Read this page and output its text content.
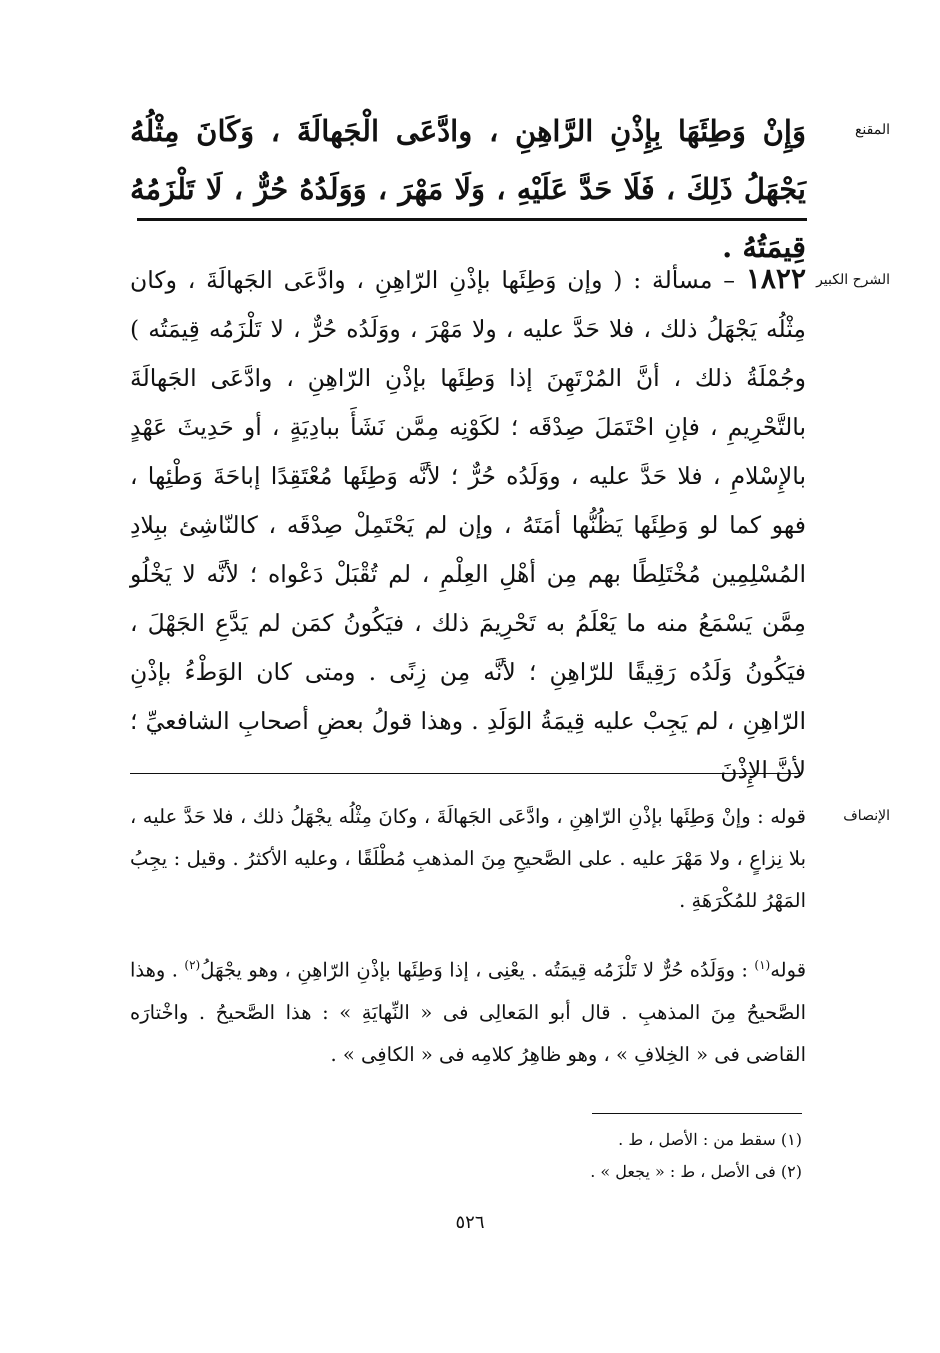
المقنع
وَإِنْ وَطِئَهَا بِإِذْنِ الرَّاهِنِ ، وادَّعَى الْجَهالَةَ ، وَكَانَ مِثْلُهُ يَجْهَلُ ذَلِكَ ، فَلَا حَدَّ عَلَيْهِ ، وَلَا مَهْرَ ، وَوَلَدُهُ حُرٌّ ، لَا تَلْزَمُهُ قِيمَتُهُ .
الشرح الكبير
١٨٢٢ – مسألة : ( وإن وَطِئَها بإذْنِ الرّاهِنِ ، وادَّعَى الجَهالَةَ ، وكان مِثْلُه يَجْهَلُ ذلك ، فلا حَدَّ عليه ، ولا مَهْرَ ، ووَلَدُه حُرٌّ ، لا تَلْزَمُه قِيمَتُه ) وجُمْلَةُ ذلك ، أنَّ المُرْتَهِنَ إذا وَطِئَها بإذْنِ الرّاهِنِ ، وادَّعَى الجَهالَةَ بالتَّحْرِيمِ ، فإنِ احْتَمَلَ صِدْقَه ؛ لكَوْنِه مِمَّن نَشَأَ ببادِيَةٍ ، أو حَدِيثَ عَهْدٍ بالإِسْلامِ ، فلا حَدَّ عليه ، ووَلَدُه حُرٌّ ؛ لأنَّه وَطِئَها مُعْتَقِدًا إباحَةَ وَطْئِها ، فهو كما لو وَطِئَها يَظُنُّها أمَتَهُ ، وإن لم يَحْتَمِلْ صِدْقَه ، كالنّاشِئ ببِلادِ المُسْلِمِين مُخْتَلِطًا بهم مِن أهْلِ العِلْمِ ، لم تُقْبَلْ دَعْواه ؛ لأنَّه لا يَخْلُو مِمَّن يَسْمَعُ منه ما يَعْلَمُ به تَحْرِيمَ ذلك ، فيَكُونُ كمَن لم يَدَّعِ الجَهْلَ ، فيَكُونُ وَلَدُه رَقِيقًا للرّاهِنِ ؛ لأنَّه مِن زِنًى . ومتى كان الوَطْءُ بإذْنِ الرّاهِنِ ، لم يَجِبْ عليه قِيمَةُ الوَلَدِ . وهذا قولُ بعضِ أصحابِ الشافعيِّ ؛ لأنَّ الإِذْنَ
الإنصاف
قوله : وإنْ وَطِئَها بإذْنِ الرّاهِنِ ، وادَّعَى الجَهالَةَ ، وكانَ مِثْلُه يجْهَلُ ذلك ، فلا حَدَّ عليه ، بلا نِزاعٍ ، ولا مَهْرَ عليه . على الصَّحيحِ مِنَ المذهبِ مُطْلَقًا ، وعليه الأكثرُ . وقيل : يجِبُ المَهْرُ للمُكْرَهَةِ .
قوله$^{(١)}$ : ووَلَدُه حُرٌّ لا تَلْزَمُه قِيمَتُه . يعْنِى ، إذا وَطِئَها بإذْنِ الرّاهِنِ ، وهو يجْهَلُ$^{(٢)}$ . وهذا الصَّحيحُ مِنَ المذهبِ . قال أبو المَعالِى فى « النِّهايَةِ » : هذا الصَّحيحُ . واخْتارَه القاضى فى « الخِلافِ » ، وهو ظاهِرُ كلامِه فى « الكافِى » .
(١) سقط من : الأصل ، ط .
(٢) فى الأصل ، ط : « يجعل » .
٥٢٦
